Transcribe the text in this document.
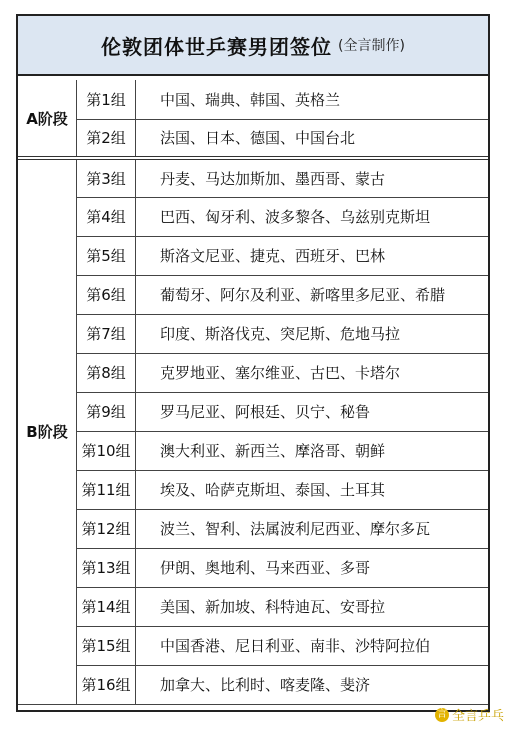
伦敦团体世乒赛男团签位 (全言制作)
A阶段	第1组	中国、瑞典、韩国、英格兰
	第2组	法国、日本、德国、中国台北
B阶段	第3组	丹麦、马达加斯加、墨西哥、蒙古
	第4组	巴西、匈牙利、波多黎各、乌兹别克斯坦
	第5组	斯洛文尼亚、捷克、西班牙、巴林
	第6组	葡萄牙、阿尔及利亚、新喀里多尼亚、希腊
	第7组	印度、斯洛伐克、突尼斯、危地马拉
	第8组	克罗地亚、塞尔维亚、古巴、卡塔尔
	第9组	罗马尼亚、阿根廷、贝宁、秘鲁
	第10组	澳大利亚、新西兰、摩洛哥、朝鲜
	第11组	埃及、哈萨克斯坦、泰国、土耳其
	第12组	波兰、智利、法属波利尼西亚、摩尔多瓦
	第13组	伊朗、奥地利、马来西亚、多哥
	第14组	美国、新加坡、科特迪瓦、安哥拉
	第15组	中国香港、尼日利亚、南非、沙特阿拉伯
	第16组	加拿大、比利时、喀麦隆、斐济
言 全言乒乓
